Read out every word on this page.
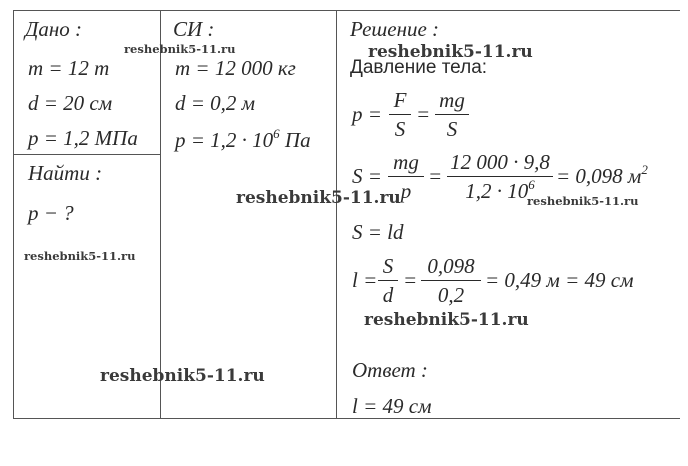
Дано :
m = 12 т
d = 20 см
p = 1,2 МПа
Найти :
p − ?
СИ :
m = 12 000 кг
d = 0,2 м
$p = 1,2 \cdot 10^6$ Па
Решение :
Давление тела:
p =
F
S
=
mg
S
S =
mg
p
=
12 000 · 9,8
$1,2 \cdot 10^6$	= 0,098 $м^2$
S = ld
l =
S
d
=
0,098
0,2
= 0,49 м = 49 см
Ответ :
l = 49 см
reshebnik5-11.ru	reshebnik5-11.ru
reshebnik5-11.ru	reshebnik5-11.ru
reshebnik5-11.ru
reshebnik5-11.ru
reshebnik5-11.ru
